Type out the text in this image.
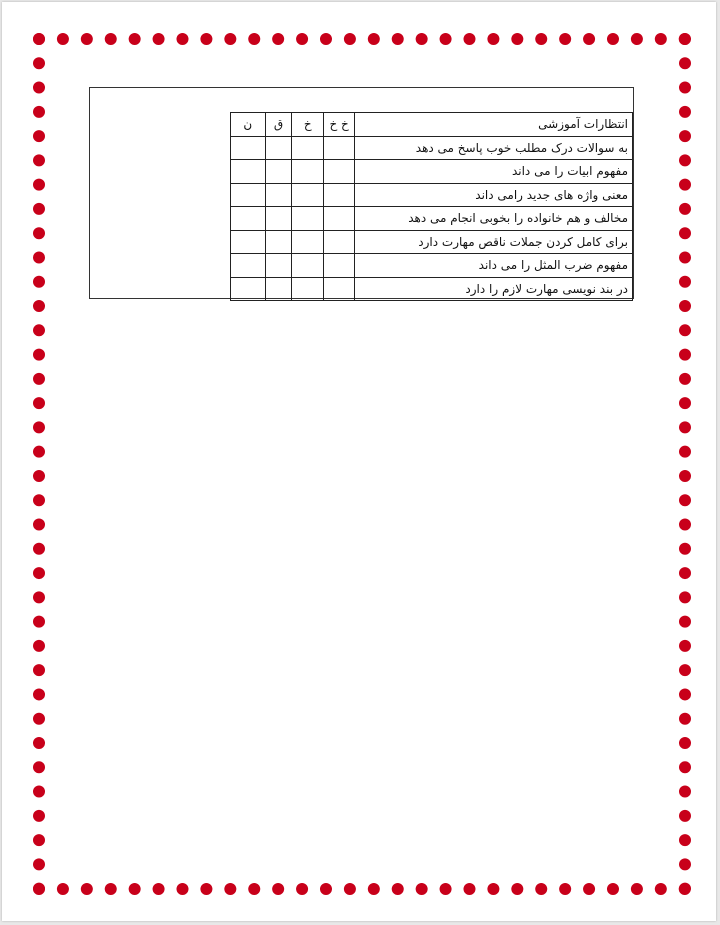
انتظارات آموزشی	خ خ	خ	ق	ن
به سوالات درک مطلب خوب پاسخ می دهد				
مفهوم ابیات را می داند				
معنی واژه های جدید رامی داند				
مخالف و هم خانواده را بخوبی انجام می دهد				
برای کامل کردن جملات ناقص مهارت دارد				
مفهوم ضرب المثل را می داند				
در بند نویسی مهارت لازم را دارد				
